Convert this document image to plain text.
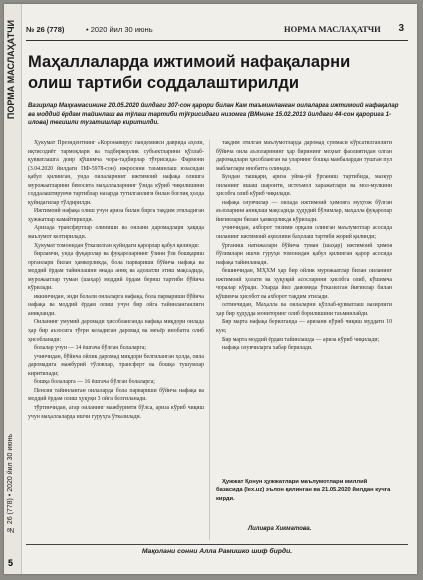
ПОРМА МАСЛАҲАТЧИ
№ 26 (778) • 2020 йил 30 июнь
5
№ 26 (778)	• 2020 йил 30 июнь	НОРМА МАСЛАҲАТЧИ 3
Маҳаллаларда ижтимоий нафақаларни олиш тартиби соддалаштирилди
Вазирлар Маҳкамасининг 20.05.2020 йилдаги 307-сон қарори билан Кам таъминланган оилаларга ижтимоий нафақалар ва моддий ёрдам тайинлаш ва тўлаш тартиби тўғрисидаги низомга (ВМнинг 15.02.2013 йилдаги 44-сон қарорига 1-илова) тегишли тузатишлар киритилди.

Ҳукумат Президентнинг «Коронавирус пандемияси даврида аҳоли, иқтисодиёт тармоқлари ва тадбиркорлик субъектларини қўллаб-қувватлашга доир қўшимча чора-тадбирлар тўғрисида» Фармони (3.04.2020 йилдаги ПФ-5978-сон) ижросини таъминлаш юзасидан қабул қилинган, унда оилаларнинг ижтимоий нафақа олишга мурожаатларини бевосита маҳаллаларнинг ўзида кўриб чиқилишини соддалаштирувчи тартиблар назарда тутилганлиги билан боғлиқ ҳолда қуйидагилар тўлдирилди.

Ижтимоий нафақа олиш учун ариза билан бирга тақдим этиладиган ҳужжатлар камайтирилди.

Аризада трансфертлар олиниши ва оилани даромадлари ҳақида маълумот келтирилади.

Ҳукумат томонидан ўтказилган қуйидаги қарорлар қабул қилинди:

бирламчи, унда фуқаролар ва фуқароларнинг ўзини ўзи бошқариш органлари билан ҳамкорликда, бола парвариши бўйича нафақа ва моддий ёрдам тайинлашни янада аниқ ва адолатли этиш мақсадида, мурожаатлар туман (шаҳар) моддий ёрдам бериш тартиби бўйича кўрилади.

иккинчидан, энди болали оилаларга нафақа, бола парвариши бўйича нафақа ва моддий ёрдам олиш учун бир ойга тайинланганлиги аниқланди.

Оиланинг умумий даромади ҳисобланганда нафақа миқдори оилада ҳар бир аъзосига тўғри келадиган даромад ва меъёр инобатга олиб ҳисобланади:

болалар учун — 14 ёшгача бўлган болаларга;

учинчидан, бўйича ойлик даромад миқдори белгиланган ҳолда, оила даромадига мажбурий тўловлар, трансферт ва бошқа тушумлар киритилади;

бошқа болаларга — 16 ёшгача бўлган болаларга;

Пенсия тайинланган оилаларда бола парвариши бўйича нафақа ва моддий ёрдам олиш ҳуқуқи 3 ойга белгиланади.

тўртинчидан, агар оиланинг мажбурияти бўлса, ариза кўриб чиқиш учун маҳаллаларда ишчи гуруҳга ўтказилади.

тақдим этилган маълумотларда даромад суммаси кўрсатилганлиги бўйича оила аъзоларининг ҳар бирининг меҳнат фаолиятидан олган даромадлари ҳисобланган ва уларнинг бошқа манбалардан тушган пул маблағлари инобатга олинади.

Бундан ташқари, ариза уйма-уй ўрганиш тартибида, мазкур оиланинг яшаш шароити, истеъмол харажатлари ва мол-мулкини ҳисобга олиб кўриб чиқилади.

нафақа олувчилар — оилада ижтимоий ҳимояга муҳтож бўлган аъзоларини аниқлаш мақсадида ҳудудий бўлимлар, маҳалла фуқаролар йиғинлари билан ҳамкорликда кўрилади.

учинчидан, ахборот тизими орқали олинган маълумотлар асосида оиланинг ижтимоий аҳволини баҳолаш тартиби жорий қилинди;

ўрганиш натижалари бўйича туман (шаҳар) ижтимоий ҳимоя бўлимлари ишчи гуруҳи томонидан қабул қилинган қарор асосида нафақа тайинланади.

бешинчидан, МҲХМ ҳар бир ойлик мурожаатлар билан оиланинг ижтимоий ҳолати ва ҳуқуқий асосларини ҳисобга олиб, кўшимча чоралар кўради. Уларда йил давомида ўтказилган йиғинлар билан қўшимча ҳисобот ва ахборот тақдим этилади.

олтинчидан, Маҳалла ва оилаларни қўллаб-қувватлаш вазирлиги ҳар бир ҳудудда мониторинг олиб борилишини таъминлайди.

Бир марта нафақа берилганда — аризани кўриб чиқиш муддати 10 кун;

Бир марта моддий ёрдам тайинлашда — ариза кўриб чиқилади;

нафақа олувчиларга хабар берилади.

Ҳужжат Қонун ҳужжатлари маълумотлари миллий базасида (lex.uz) эълон қилинган ва 21.05.2020 йилдан кучга кирди.
Лиливра Хикматова.
Мақолани сонни Алла Рамишко шиф бирди.
